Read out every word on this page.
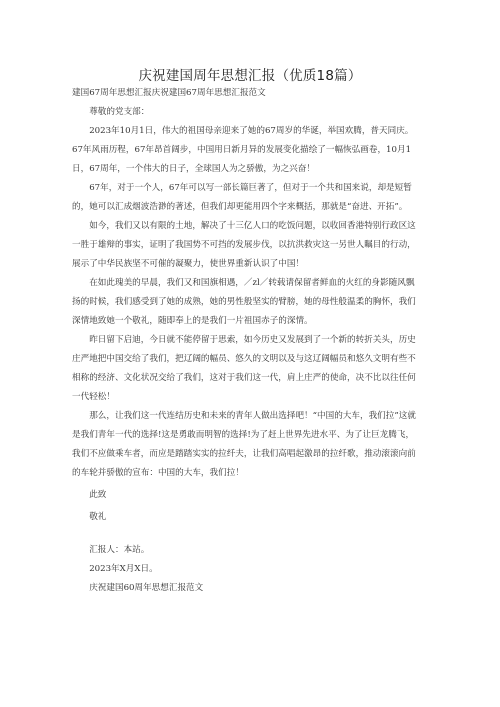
庆祝建国周年思想汇报（优质18篇）

建国67周年思想汇报庆祝建国67周年思想汇报范文

尊敬的党支部：

2023年10月1日，伟大的祖国母亲迎来了她的67周岁的华诞，举国欢腾，普天同庆。67年风雨历程，67年昂首阔步，中国用日新月异的发展变化描绘了一幅恢弘画卷，10月1日，67周年，一个伟大的日子，全球国人为之骄傲，为之兴奋！

67年，对于一个人，67年可以写一部长篇巨著了，但对于一个共和国来说，却是短暂的，她可以汇成烟波浩渺的著述，但我们却更能用四个字来概括，那就是“奋进、开拓”。

如今，我们又以有限的土地，解决了十三亿人口的吃饭问题，以收回香港特别行政区这一胜于雄辩的事实，证明了我国势不可挡的发展步伐，以抗洪救灾这一另世人瞩目的行动，展示了中华民族坚不可催的凝聚力，使世界重新认识了中国！

在如此瑰美的早晨，我们又和国旗相遇，／zl／转载请保留者鲜血的火红的身影随风飘扬的时候，我们感受到了她的成熟，她的男性般坚实的臂膀，她的母性般温柔的胸怀，我们深情地致她一个敬礼，随即奉上的是我们一片祖国赤子的深情。

昨日留下启迪，今日就不能停留于思索，如今历史又发展到了一个新的转折关头，历史庄严地把中国交给了我们，把辽阔的幅员、悠久的文明以及与这辽阔幅员和悠久文明有些不相称的经济、文化状况交给了我们，这对于我们这一代，肩上庄严的使命，决不比以往任何一代轻松！

那么，让我们这一代连结历史和未来的青年人做出选择吧！“中国的大车，我们拉”这就是我们青年一代的选择!这是勇敢而明智的选择!为了赶上世界先进水平、为了让巨龙腾飞，我们不应做乘车者，而应是踏踏实实的拉纤夫，让我们高唱起激昂的拉纤歌，推动滚滚向前的车轮并骄傲的宣布：中国的大车，我们拉！

此致

敬礼

汇报人：本站。

2023年X月X日。

庆祝建国60周年思想汇报范文
